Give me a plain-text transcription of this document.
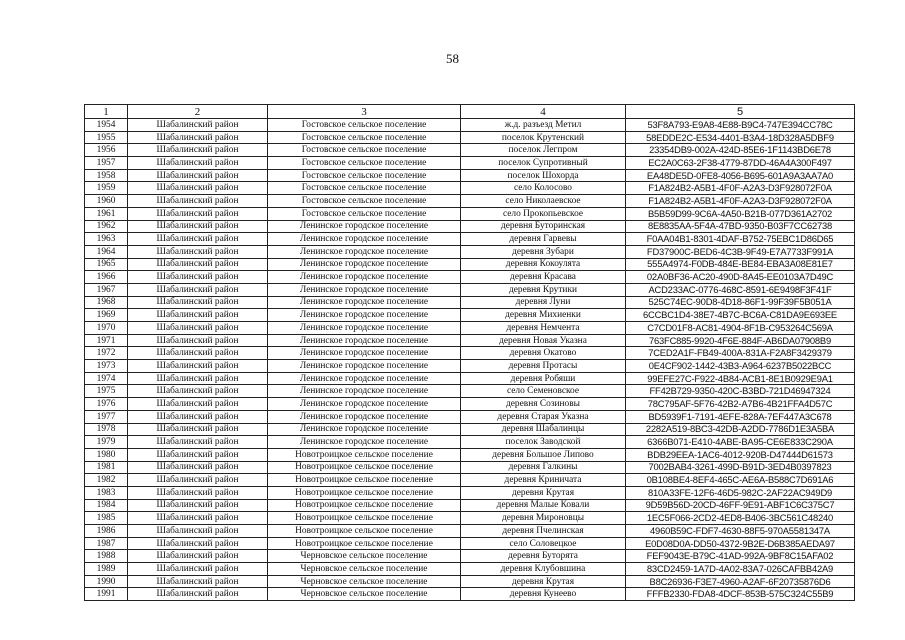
58
1	2	3	4	5
1954	Шабалинский район	Гостовское сельское поселение	ж.д. разъезд Метил	53F8A793-E9A8-4E88-B9C4-747E394CC78C
1955	Шабалинский район	Гостовское сельское поселение	поселок Крутенский	58EDDE2C-E534-4401-B3A4-18D328A5DBF9
1956	Шабалинский район	Гостовское сельское поселение	поселок Легпром	23354DB9-002A-424D-85E6-1F1143BD6E78
1957	Шабалинский район	Гостовское сельское поселение	поселок Супротивный	EC2A0C63-2F38-4779-87DD-46A4A300F497
1958	Шабалинский район	Гостовское сельское поселение	поселок Шохорда	EA48DE5D-0FE8-4056-B695-601A9A3AA7A0
1959	Шабалинский район	Гостовское сельское поселение	село Колосово	F1A824B2-A5B1-4F0F-A2A3-D3F928072F0A
1960	Шабалинский район	Гостовское сельское поселение	село Николаевское	F1A824B2-A5B1-4F0F-A2A3-D3F928072F0A
1961	Шабалинский район	Гостовское сельское поселение	село Прокопьевское	B5B59D99-9C6A-4A50-B21B-077D361A2702
1962	Шабалинский район	Ленинское городское поселение	деревня Буторинская	8E8835AA-5F4A-47BD-9350-B03F7CC62738
1963	Шабалинский район	Ленинское городское поселение	деревня Гарвевы	F0AA04B1-8301-4DAF-B752-75EBC1D86D65
1964	Шабалинский район	Ленинское городское поселение	деревня Зубари	FD37900C-BED6-4C3B-9F49-E7A7733F991A
1965	Шабалинский район	Ленинское городское поселение	деревня Кокоулята	555A4974-F0DB-484E-BE84-EBA3A08E81E7
1966	Шабалинский район	Ленинское городское поселение	деревня Красава	02A0BF36-AC20-490D-8A45-EE0103A7D49C
1967	Шабалинский район	Ленинское городское поселение	деревня Крутики	ACD233AC-0776-468C-8591-6E9498F3F41F
1968	Шабалинский район	Ленинское городское поселение	деревня Луни	525C74EC-90D8-4D18-86F1-99F39F5B051A
1969	Шабалинский район	Ленинское городское поселение	деревня Михиенки	6CCBC1D4-38E7-4B7C-BC6A-C81DA9E693EE
1970	Шабалинский район	Ленинское городское поселение	деревня Немчента	C7CD01F8-AC81-4904-8F1B-C953264C569A
1971	Шабалинский район	Ленинское городское поселение	деревня Новая Указна	763FC885-9920-4F6E-884F-AB6DA07908B9
1972	Шабалинский район	Ленинское городское поселение	деревня Окатово	7CED2A1F-FB49-400A-831A-F2A8F3429379
1973	Шабалинский район	Ленинское городское поселение	деревня Протасы	0E4CF902-1442-43B3-A964-6237B5022BCC
1974	Шабалинский район	Ленинское городское поселение	деревня Робяши	99EFE27C-F922-4B84-ACB1-8E1B0929E9A1
1975	Шабалинский район	Ленинское городское поселение	село Семеновское	FF42B729-9350-420C-B3BD-721D46947324
1976	Шабалинский район	Ленинское городское поселение	деревня Созиновы	78C795AF-5F76-42B2-A7B6-4B21FFA4D57C
1977	Шабалинский район	Ленинское городское поселение	деревня Старая Указна	BD5939F1-7191-4EFE-828A-7EF447A3C678
1978	Шабалинский район	Ленинское городское поселение	деревня Шабалинцы	2282A519-8BC3-42DB-A2DD-7786D1E3A5BA
1979	Шабалинский район	Ленинское городское поселение	поселок Заводской	6366B071-E410-4ABE-BA95-CE6E833C290A
1980	Шабалинский район	Новотроицкое сельское поселение	деревня Большое Липово	BDB29EEA-1AC6-4012-920B-D47444D61573
1981	Шабалинский район	Новотроицкое сельское поселение	деревня Галкины	7002BAB4-3261-499D-B91D-3ED4B0397823
1982	Шабалинский район	Новотроицкое сельское поселение	деревня Криничата	0B108BE4-8EF4-465C-AE6A-B588C7D691A6
1983	Шабалинский район	Новотроицкое сельское поселение	деревня Крутая	810A33FE-12F6-46D5-982C-2AF22AC949D9
1984	Шабалинский район	Новотроицкое сельское поселение	деревня Малые Ковали	9D59B56D-20CD-46FF-9E91-ABF1C6C375C7
1985	Шабалинский район	Новотроицкое сельское поселение	деревня Мироновцы	1EC5F066-2CD2-4ED8-B406-3BC561C48240
1986	Шабалинский район	Новотроицкое сельское поселение	деревня Пчелинская	4960B59C-FDF7-4630-88F5-970A5581347A
1987	Шабалинский район	Новотроицкое сельское поселение	село Соловецкое	E0D08D0A-DD50-4372-9B2E-D6B385AEDA97
1988	Шабалинский район	Черновское сельское поселение	деревня Буторята	FEF9043E-B79C-41AD-992A-9BF8C15AFA02
1989	Шабалинский район	Черновское сельское поселение	деревня Клубовшина	83CD2459-1A7D-4A02-83A7-026CAFBB42A9
1990	Шабалинский район	Черновское сельское поселение	деревня Крутая	B8C26936-F3E7-4960-A2AF-6F20735876D6
1991	Шабалинский район	Черновское сельское поселение	деревня Кунеево	FFFB2330-FDA8-4DCF-853B-575C324C55B9
